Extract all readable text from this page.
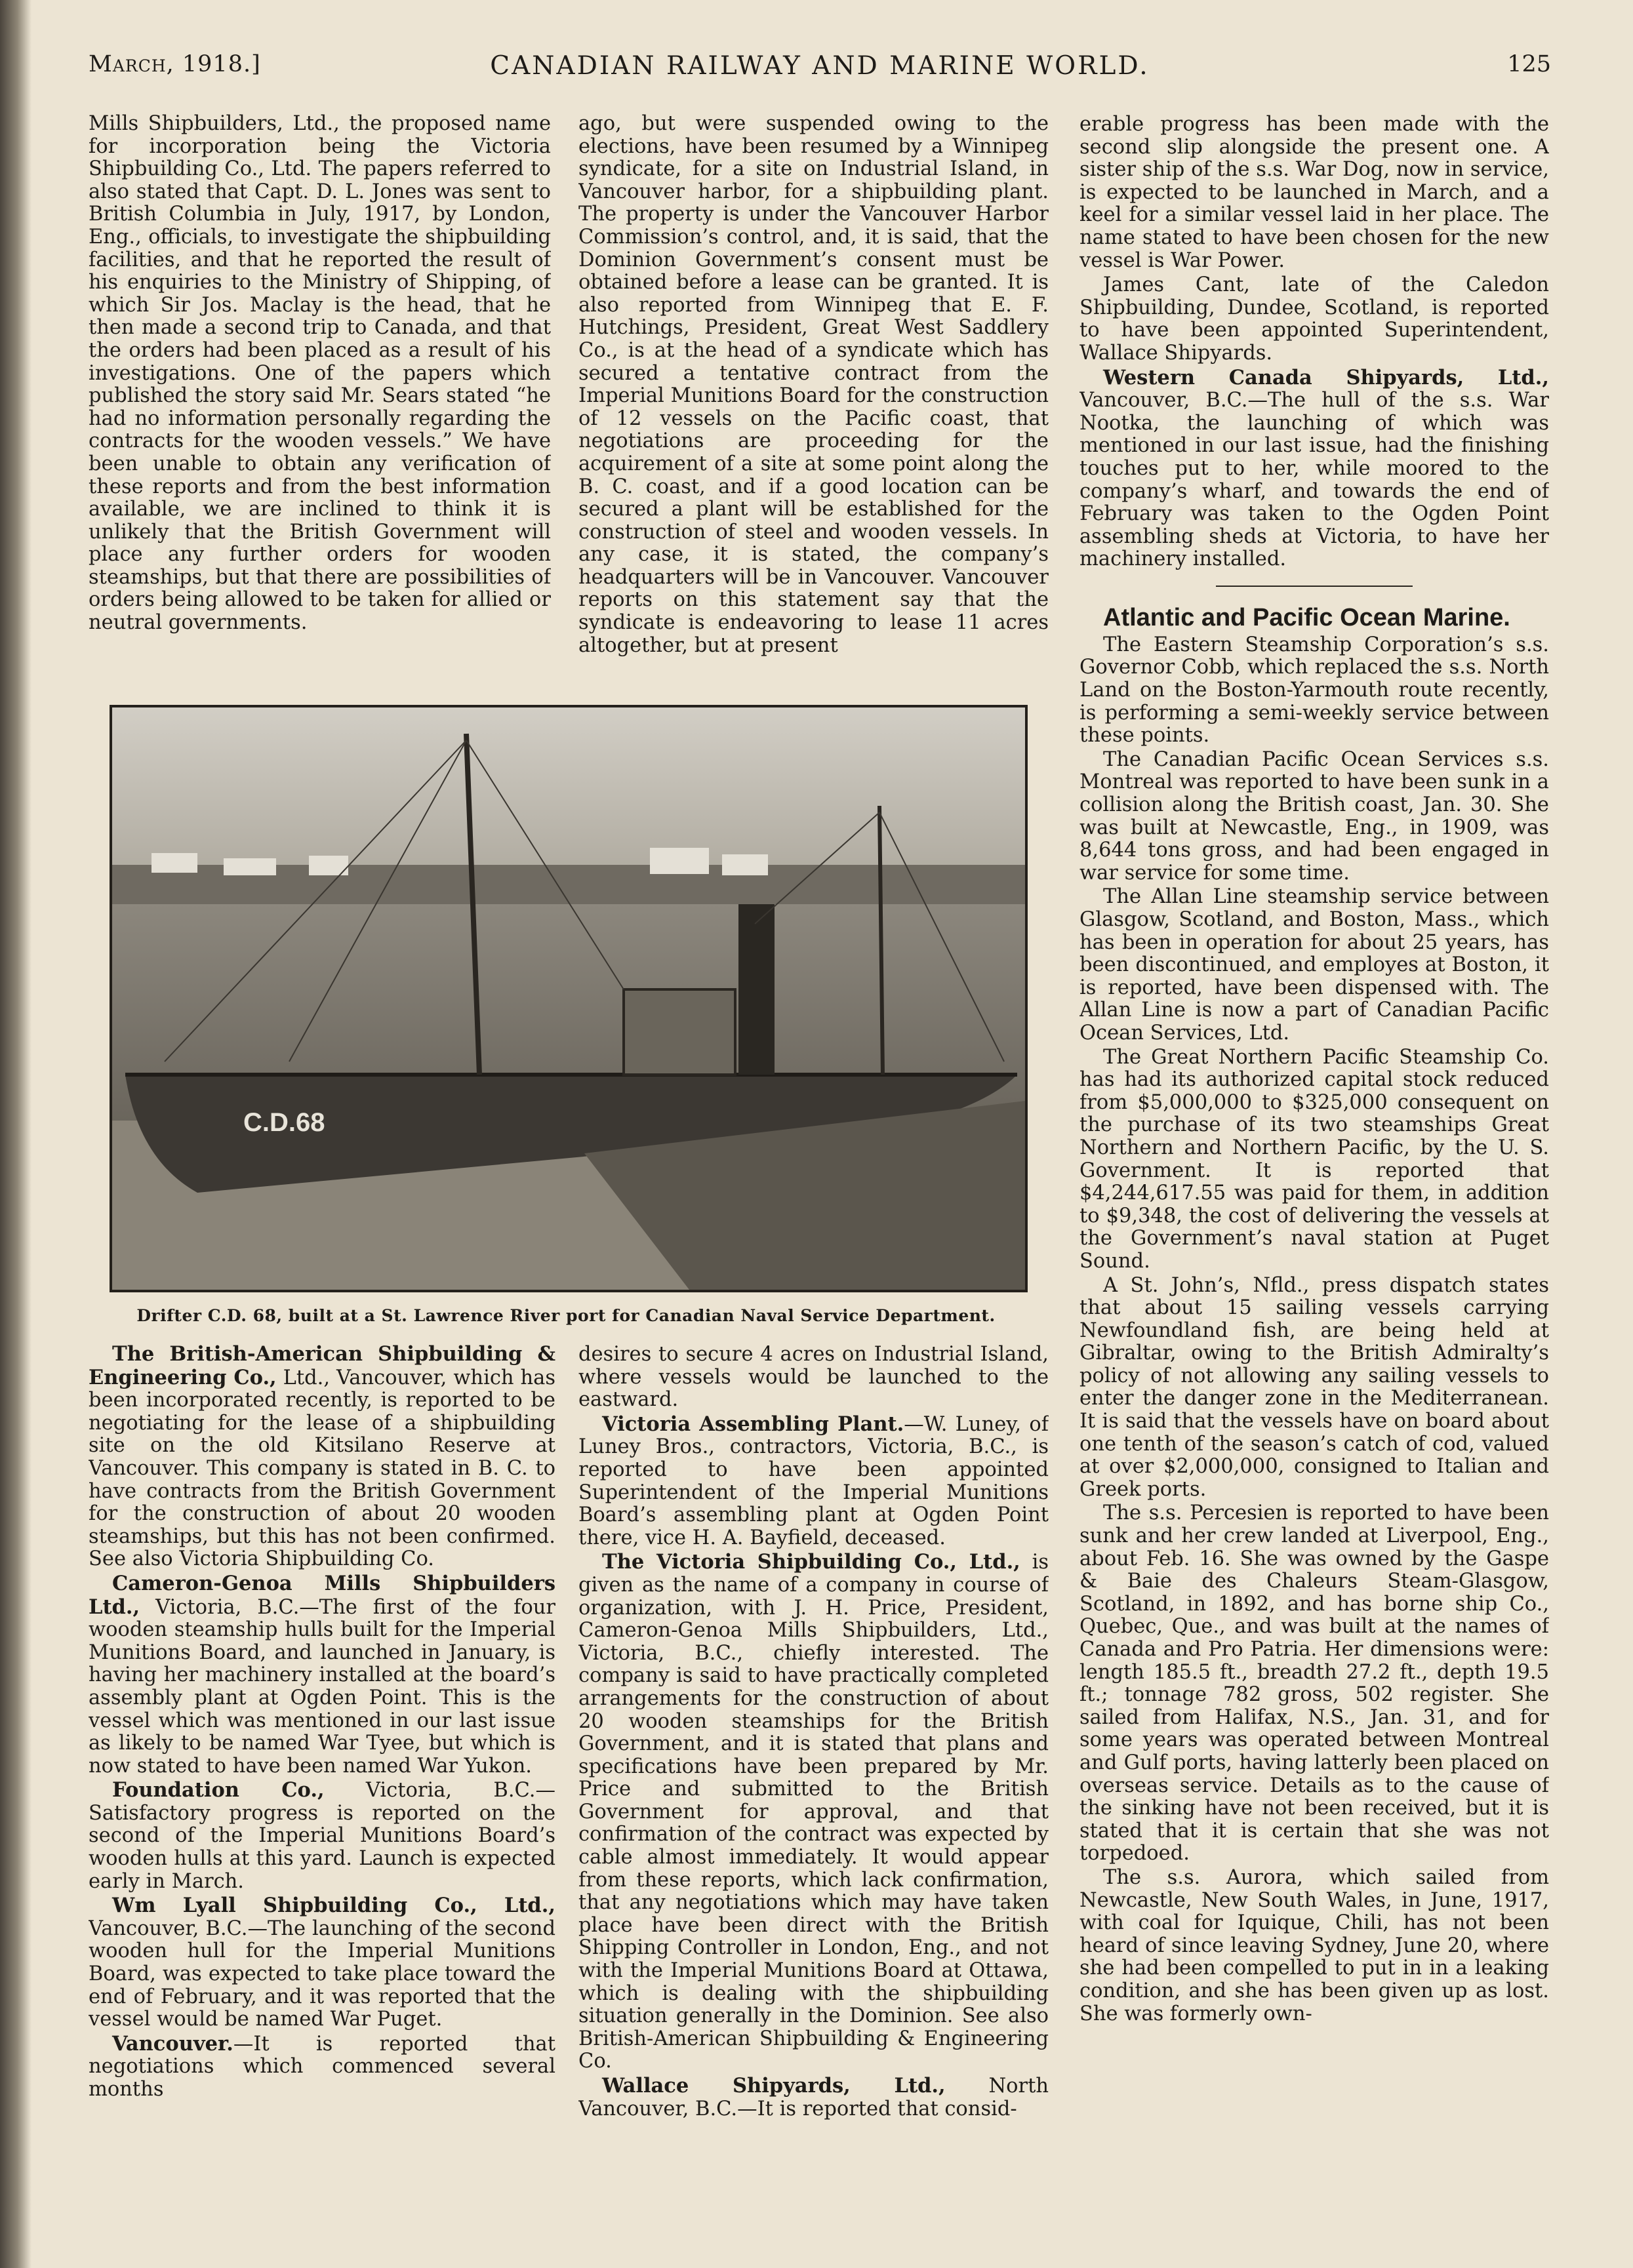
March, 1918.]	CANADIAN RAILWAY AND MARINE WORLD.	125

Mills Shipbuilders, Ltd., the proposed name for incorporation being the Victoria Shipbuilding Co., Ltd. The papers referred to also stated that Capt. D. L. Jones was sent to British Columbia in July, 1917, by London, Eng., officials, to investigate the shipbuilding facilities, and that he reported the result of his enquiries to the Ministry of Shipping, of which Sir Jos. Maclay is the head, that he then made a second trip to Canada, and that the orders had been placed as a result of his investigations. One of the papers which published the story said Mr. Sears stated “he had no information personally regarding the contracts for the wooden vessels.” We have been unable to obtain any verification of these reports and from the best information available, we are inclined to think it is unlikely that the British Government will place any further orders for wooden steamships, but that there are possibilities of orders being allowed to be taken for allied or neutral governments.

ago, but were suspended owing to the elections, have been resumed by a Winnipeg syndicate, for a site on Industrial Island, in Vancouver harbor, for a shipbuilding plant. The property is under the Vancouver Harbor Commission’s control, and, it is said, that the Dominion Government’s consent must be obtained before a lease can be granted. It is also reported from Winnipeg that E. F. Hutchings, President, Great West Saddlery Co., is at the head of a syndicate which has secured a tentative contract from the Imperial Munitions Board for the construction of 12 vessels on the Pacific coast, that negotiations are proceeding for the acquirement of a site at some point along the B. C. coast, and if a good location can be secured a plant will be established for the construction of steel and wooden vessels. In any case, it is stated, the company’s headquarters will be in Vancouver. Vancouver reports on this statement say that the syndicate is endeavoring to lease 11 acres altogether, but at present

erable progress has been made with the second slip alongside the present one. A sister ship of the s.s. War Dog, now in service, is expected to be launched in March, and a keel for a similar vessel laid in her place. The name stated to have been chosen for the new vessel is War Power.

James Cant, late of the Caledon Shipbuilding, Dundee, Scotland, is reported to have been appointed Superintendent, Wallace Shipyards.

Western Canada Shipyards, Ltd., Vancouver, B.C.—The hull of the s.s. War Nootka, the launching of which was mentioned in our last issue, had the finishing touches put to her, while moored to the company’s wharf, and towards the end of February was taken to the Ogden Point assembling sheds at Victoria, to have her machinery installed.

Atlantic and Pacific Ocean Marine.

The Eastern Steamship Corporation’s s.s. Governor Cobb, which replaced the s.s. North Land on the Boston-Yarmouth route recently, is performing a semi-weekly service between these points.

The Canadian Pacific Ocean Services s.s. Montreal was reported to have been sunk in a collision along the British coast, Jan. 30. She was built at Newcastle, Eng., in 1909, was 8,644 tons gross, and had been engaged in war service for some time.

The Allan Line steamship service between Glasgow, Scotland, and Boston, Mass., which has been in operation for about 25 years, has been discontinued, and employes at Boston, it is reported, have been dispensed with. The Allan Line is now a part of Canadian Pacific Ocean Services, Ltd.

The Great Northern Pacific Steamship Co. has had its authorized capital stock reduced from $5,000,000 to $325,000 consequent on the purchase of its two steamships Great Northern and Northern Pacific, by the U. S. Government. It is reported that $4,244,617.55 was paid for them, in addition to $9,348, the cost of delivering the vessels at the Government’s naval station at Puget Sound.

A St. John’s, Nfld., press dispatch states that about 15 sailing vessels carrying Newfoundland fish, are being held at Gibraltar, owing to the British Admiralty’s policy of not allowing any sailing vessels to enter the danger zone in the Mediterranean. It is said that the vessels have on board about one tenth of the season’s catch of cod, valued at over $2,000,000, consigned to Italian and Greek ports.

The s.s. Percesien is reported to have been sunk and her crew landed at Liverpool, Eng., about Feb. 16. She was owned by the Gaspe & Baie des Chaleurs Steam-Glasgow, Scotland, in 1892, and has borne ship Co., Quebec, Que., and was built at the names of Canada and Pro Patria. Her dimensions were: length 185.5 ft., breadth 27.2 ft., depth 19.5 ft.; tonnage 782 gross, 502 register. She sailed from Halifax, N.S., Jan. 31, and for some years was operated between Montreal and Gulf ports, having latterly been placed on overseas service. Details as to the cause of the sinking have not been received, but it is stated that it is certain that she was not torpedoed.

The s.s. Aurora, which sailed from Newcastle, New South Wales, in June, 1917, with coal for Iquique, Chili, has not been heard of since leaving Sydney, June 20, where she had been compelled to put in in a leaking condition, and she has been given up as lost. She was formerly own-

C.D.68
Drifter C.D. 68, built at a St. Lawrence River port for Canadian Naval Service Department.

The British-American Shipbuilding & Engineering Co., Ltd., Vancouver, which has been incorporated recently, is reported to be negotiating for the lease of a shipbuilding site on the old Kitsilano Reserve at Vancouver. This company is stated in B. C. to have contracts from the British Government for the construction of about 20 wooden steamships, but this has not been confirmed. See also Victoria Shipbuilding Co.

Cameron-Genoa Mills Shipbuilders Ltd., Victoria, B.C.—The first of the four wooden steamship hulls built for the Imperial Munitions Board, and launched in January, is having her machinery installed at the board’s assembly plant at Ogden Point. This is the vessel which was mentioned in our last issue as likely to be named War Tyee, but which is now stated to have been named War Yukon.

Foundation Co., Victoria, B.C.—Satisfactory progress is reported on the second of the Imperial Munitions Board’s wooden hulls at this yard. Launch is expected early in March.

Wm Lyall Shipbuilding Co., Ltd., Vancouver, B.C.—The launching of the second wooden hull for the Imperial Munitions Board, was expected to take place toward the end of February, and it was reported that the vessel would be named War Puget.

Vancouver.—It is reported that negotiations which commenced several months

desires to secure 4 acres on Industrial Island, where vessels would be launched to the eastward.

Victoria Assembling Plant.—W. Luney, of Luney Bros., contractors, Victoria, B.C., is reported to have been appointed Superintendent of the Imperial Munitions Board’s assembling plant at Ogden Point there, vice H. A. Bayfield, deceased.

The Victoria Shipbuilding Co., Ltd., is given as the name of a company in course of organization, with J. H. Price, President, Cameron-Genoa Mills Shipbuilders, Ltd., Victoria, B.C., chiefly interested. The company is said to have practically completed arrangements for the construction of about 20 wooden steamships for the British Government, and it is stated that plans and specifications have been prepared by Mr. Price and submitted to the British Government for approval, and that confirmation of the contract was expected by cable almost immediately. It would appear from these reports, which lack confirmation, that any negotiations which may have taken place have been direct with the British Shipping Controller in London, Eng., and not with the Imperial Munitions Board at Ottawa, which is dealing with the shipbuilding situation generally in the Dominion. See also British-American Shipbuilding & Engineering Co.

Wallace Shipyards, Ltd., North Vancouver, B.C.—It is reported that consid-
